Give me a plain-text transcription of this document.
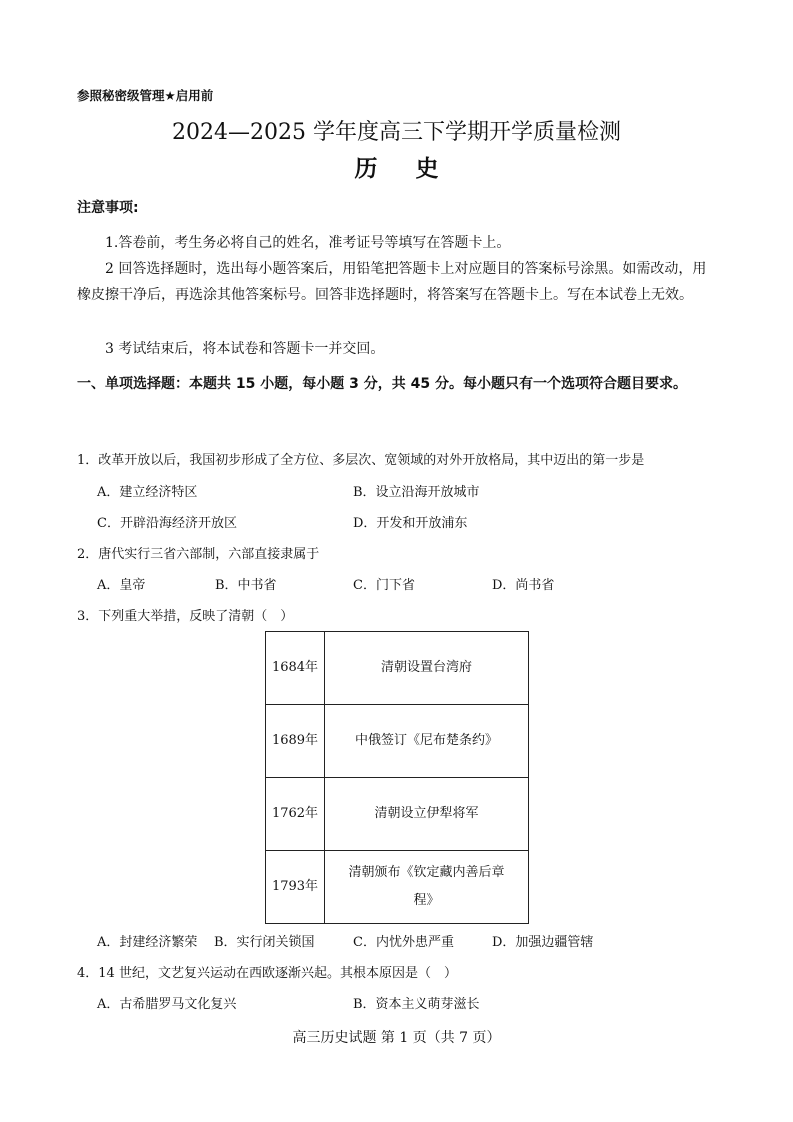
参照秘密级管理★启用前
2024—2025 学年度高三下学期开学质量检测
历史
注意事项:
1.答卷前，考生务必将自己的姓名，准考证号等填写在答题卡上。
2 回答选择题时，选出每小题答案后，用铅笔把答题卡上对应题目的答案标号涂黑。如需改动，用橡皮擦干净后，再选涂其他答案标号。回答非选择题时，将答案写在答题卡上。写在本试卷上无效。
3 考试结束后，将本试卷和答题卡一并交回。
一、单项选择题：本题共 15 小题，每小题 3 分，共 45 分。每小题只有一个选项符合题目要求。
1．改革开放以后，我国初步形成了全方位、多层次、宽领域的对外开放格局，其中迈出的第一步是
A．建立经济特区	B．设立沿海开放城市
C．开辟沿海经济开放区	D．开发和开放浦东
2．唐代实行三省六部制，六部直接隶属于
A．皇帝	B．中书省	C．门下省	D．尚书省
3．下列重大举措，反映了清朝（　）
1684年	清朝设置台湾府
1689年	中俄签订《尼布楚条约》
1762年	清朝设立伊犁将军
1793年	清朝颁布《钦定藏内善后章程》
A．封建经济繁荣 B．实行闭关锁国	C．内忧外患严重	D．加强边疆管辖
4．14 世纪，文艺复兴运动在西欧逐渐兴起。其根本原因是（　）
A．古希腊罗马文化复兴	B．资本主义萌芽滋长
高三历史试题 第 1 页（共 7 页）
